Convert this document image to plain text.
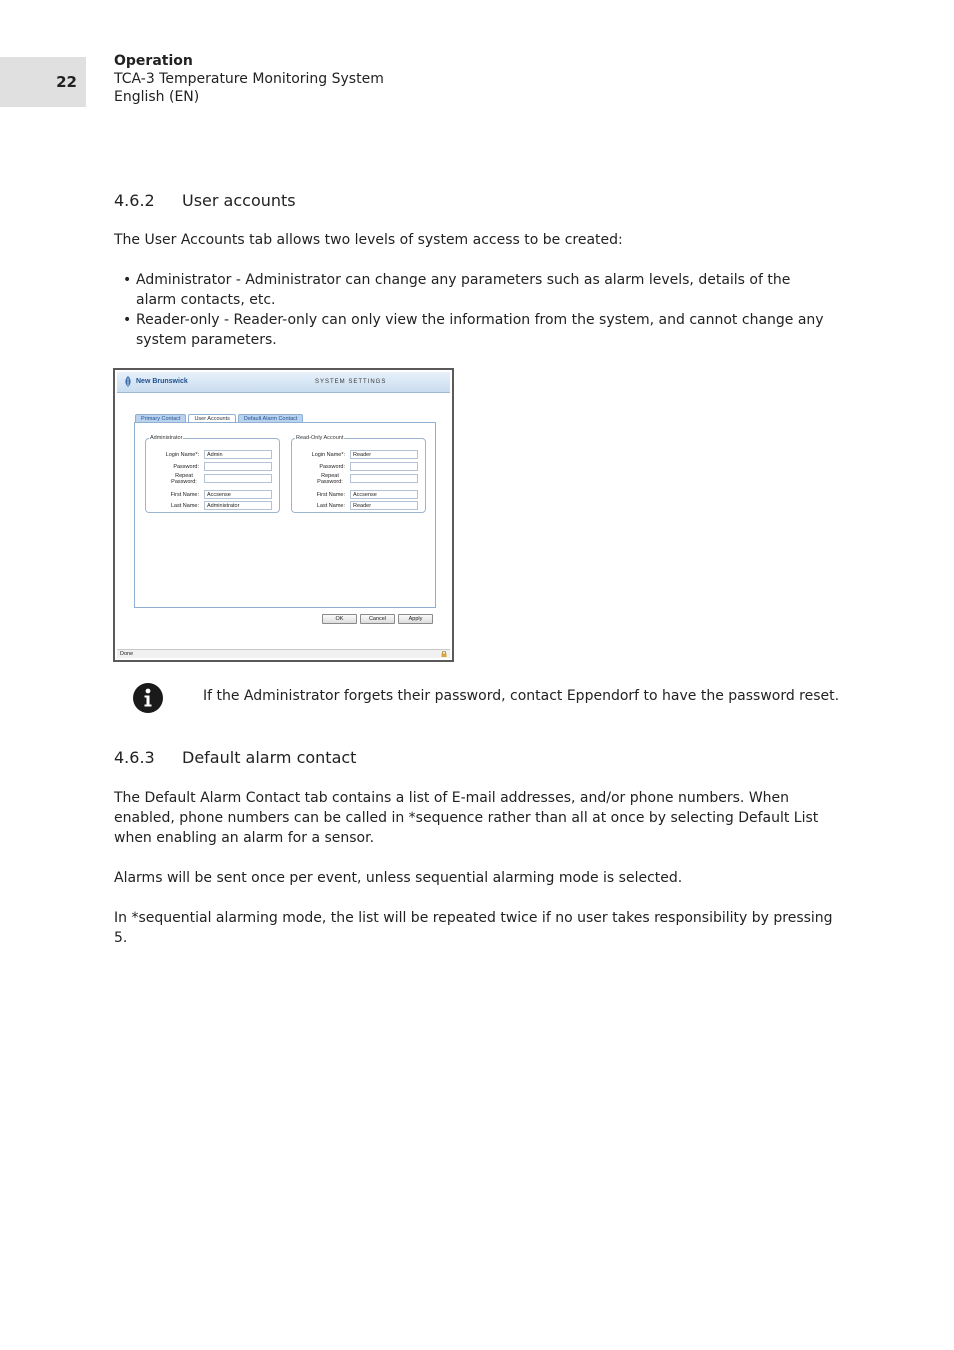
22
Operation
TCA-3 Temperature Monitoring System
English (EN)
4.6.2 User accounts

The User Accounts tab allows two levels of system access to be created:

• Administrator - Administrator can change any parameters such as alarm levels, details of the alarm contacts, etc.
• Reader-only - Reader-only can only view the information from the system, and cannot change any system parameters.
New Brunswick	SYSTEM SETTINGS
Primary Contact	User Accounts	Default Alarm Contact
Administrator
Login Name*:	Admin
Password:
Repeat Password:
First Name:	Accsense
Last Name:	Administrator
Read-Only Account
Login Name*:	Reader
Password:
Repeat Password:
First Name:	Accsense
Last Name:	Reader
OK	Cancel	Apply
Done

If the Administrator forgets their password, contact Eppendorf to have the password reset.

4.6.3 Default alarm contact

The Default Alarm Contact tab contains a list of E-mail addresses, and/or phone numbers. When enabled, phone numbers can be called in *sequence rather than all at once by selecting Default List when enabling an alarm for a sensor.

Alarms will be sent once per event, unless sequential alarming mode is selected.

In *sequential alarming mode, the list will be repeated twice if no user takes responsibility by pressing 5.
